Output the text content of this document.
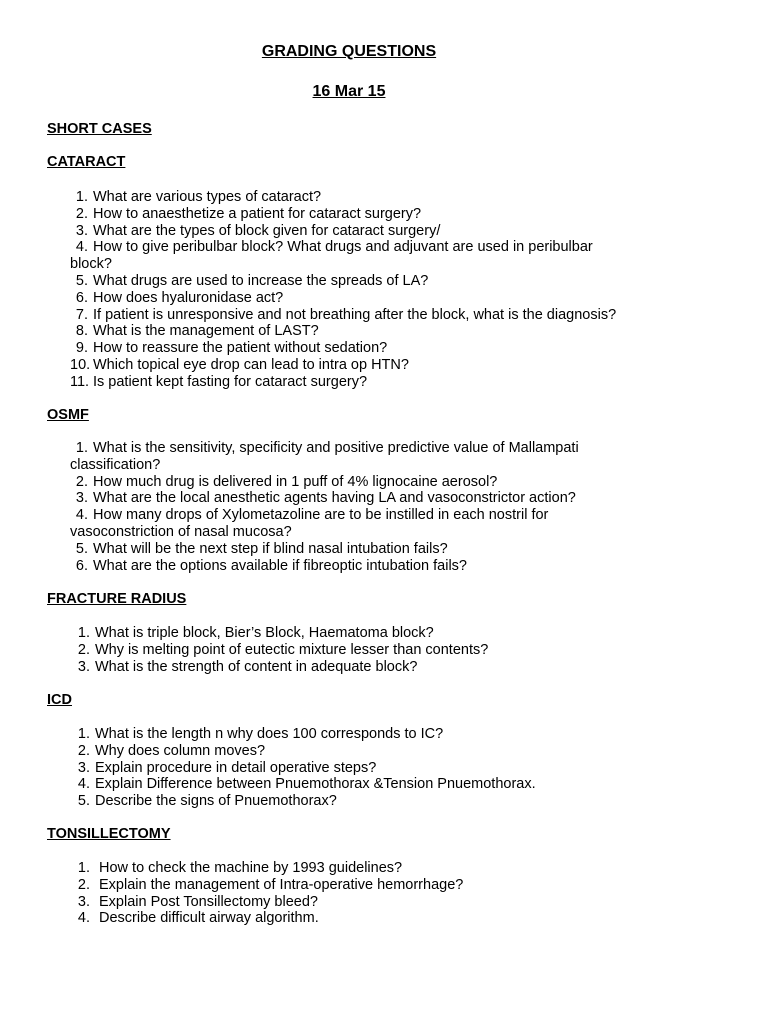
GRADING QUESTIONS
16 Mar 15
SHORT CASES
CATARACT
1. What are various types of cataract?
2. How to anaesthetize a patient for cataract surgery?
3. What are the types of block given for cataract surgery/
4. How to give peribulbar block? What drugs and adjuvant are used in peribulbar
block?
5. What drugs are used to increase the spreads of LA?
6. How does hyaluronidase act?
7. If patient is unresponsive and not breathing after the block, what is the diagnosis?
8. What is the management of LAST?
9. How to reassure the patient without sedation?
10. Which topical eye drop can lead to intra op HTN?
11. Is patient kept fasting for cataract surgery?
OSMF
1. What is the sensitivity, specificity and positive predictive value of Mallampati
classification?
2. How much drug is delivered in 1 puff of 4% lignocaine aerosol?
3. What are the local anesthetic agents having LA and vasoconstrictor action?
4. How many drops of Xylometazoline are to be instilled in each nostril for
vasoconstriction of nasal mucosa?
5. What will be the next step if blind nasal intubation fails?
6. What are the options available if fibreoptic intubation fails?
FRACTURE RADIUS
1. What is triple block, Bier’s Block, Haematoma block?
2. Why is melting point of eutectic mixture lesser than contents?
3. What is the strength of content in adequate block?
ICD
1. What is the length n why does 100 corresponds to IC?
2. Why does column moves?
3. Explain procedure in detail operative steps?
4. Explain Difference between Pnuemothorax &Tension Pnuemothorax.
5. Describe the signs of Pnuemothorax?
TONSILLECTOMY
1. How to check the machine by 1993 guidelines?
2. Explain the management of Intra-operative hemorrhage?
3. Explain Post Tonsillectomy bleed?
4. Describe difficult airway algorithm.
